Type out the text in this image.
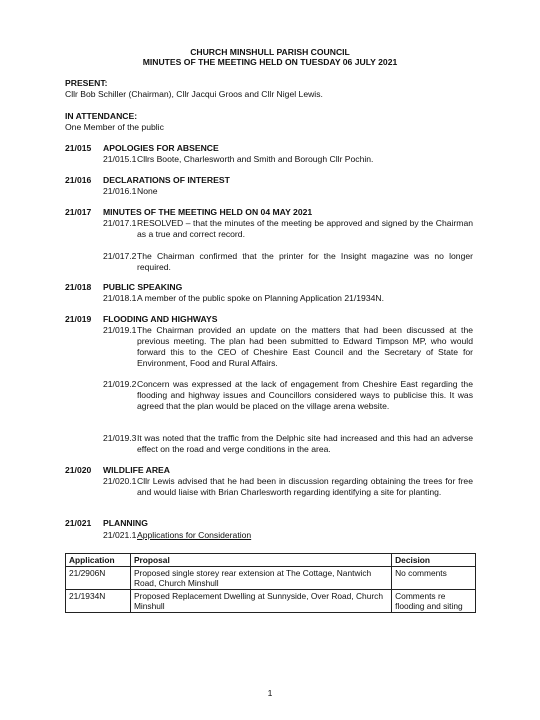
CHURCH MINSHULL PARISH COUNCIL
MINUTES OF THE MEETING HELD ON TUESDAY 06 JULY 2021
PRESENT:
Cllr Bob Schiller (Chairman), Cllr Jacqui Groos and Cllr Nigel Lewis.
IN ATTENDANCE:
One Member of the public
21/015 APOLOGIES FOR ABSENCE
21/015.1Cllrs Boote, Charlesworth and Smith and Borough Cllr Pochin.
21/016 DECLARATIONS OF INTEREST
21/016.1None
21/017 MINUTES OF THE MEETING HELD ON 04 MAY 2021
21/017.1RESOLVED – that the minutes of the meeting be approved and signed by the Chairman as a true and correct record.
21/017.2The Chairman confirmed that the printer for the Insight magazine was no longer required.
21/018 PUBLIC SPEAKING
21/018.1A member of the public spoke on Planning Application 21/1934N.
21/019 FLOODING AND HIGHWAYS
21/019.1The Chairman provided an update on the matters that had been discussed at the previous meeting. The plan had been submitted to Edward Timpson MP, who would forward this to the CEO of Cheshire East Council and the Secretary of State for Environment, Food and Rural Affairs.
21/019.2Concern was expressed at the lack of engagement from Cheshire East regarding the flooding and highway issues and Councillors considered ways to publicise this. It was agreed that the plan would be placed on the village arena website.
21/019.3It was noted that the traffic from the Delphic site had increased and this had an adverse effect on the road and verge conditions in the area.
21/020 WILDLIFE AREA
21/020.1Cllr Lewis advised that he had been in discussion regarding obtaining the trees for free and would liaise with Brian Charlesworth regarding identifying a site for planting.
21/021 PLANNING
21/021.1Applications for Consideration
Application	Proposal	Decision
21/2906N	Proposed single storey rear extension at The Cottage, Nantwich Road, Church Minshull	No comments
21/1934N	Proposed Replacement Dwelling at Sunnyside, Over Road, Church Minshull	Comments re flooding and siting
1
